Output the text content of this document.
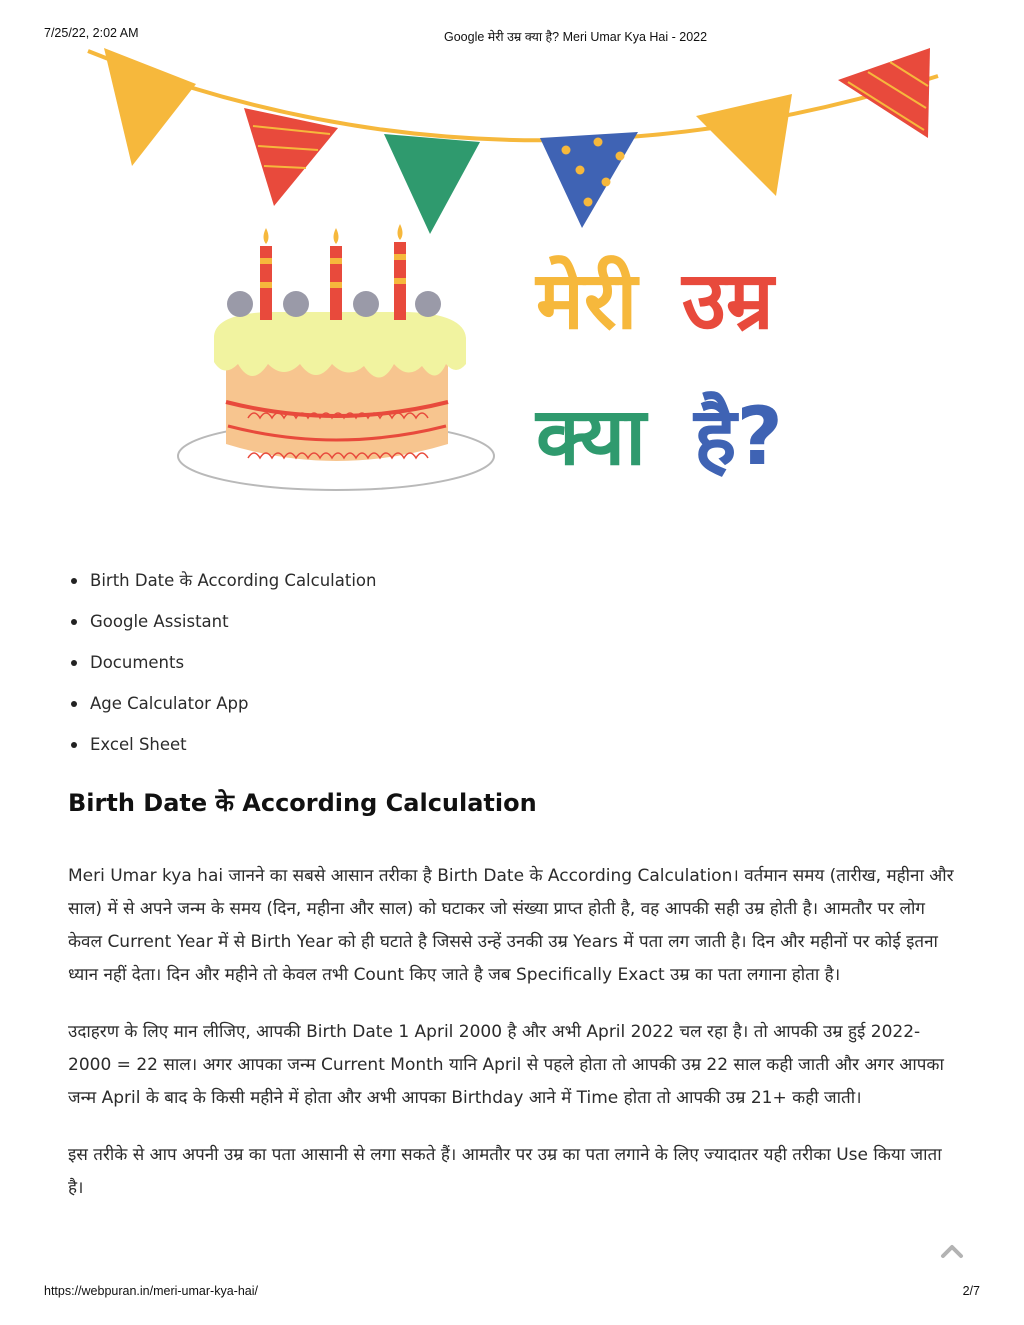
7/25/22, 2:02 AM	Google मेरी उम्र क्या है? Meri Umar Kya Hai - 2022
मेरी उम्र
क्या है?
Birth Date के According Calculation
Google Assistant
Documents
Age Calculator App
Excel Sheet
Birth Date के According Calculation

Meri Umar kya hai जानने का सबसे आसान तरीका है Birth Date के According Calculation। वर्तमान समय (तारीख, महीना और साल) में से अपने जन्म के समय (दिन, महीना और साल) को घटाकर जो संख्या प्राप्त होती है, वह आपकी सही उम्र होती है। आमतौर पर लोग केवल Current Year में से Birth Year को ही घटाते है जिससे उन्हें उनकी उम्र Years में पता लग जाती है। दिन और महीनों पर कोई इतना ध्यान नहीं देता। दिन और महीने तो केवल तभी Count किए जाते है जब Specifically Exact उम्र का पता लगाना होता है।

उदाहरण के लिए मान लीजिए, आपकी Birth Date 1 April 2000 है और अभी April 2022 चल रहा है। तो आपकी उम्र हुई 2022-2000 = 22 साल। अगर आपका जन्म Current Month यानि April से पहले होता तो आपकी उम्र 22 साल कही जाती और अगर आपका जन्म April के बाद के किसी महीने में होता और अभी आपका Birthday आने में Time होता तो आपकी उम्र 21+ कही जाती।

इस तरीके से आप अपनी उम्र का पता आसानी से लगा सकते हैं। आमतौर पर उम्र का पता लगाने के लिए ज्यादातर यही तरीका Use किया जाता है।

https://webpuran.in/meri-umar-kya-hai/	2/7
